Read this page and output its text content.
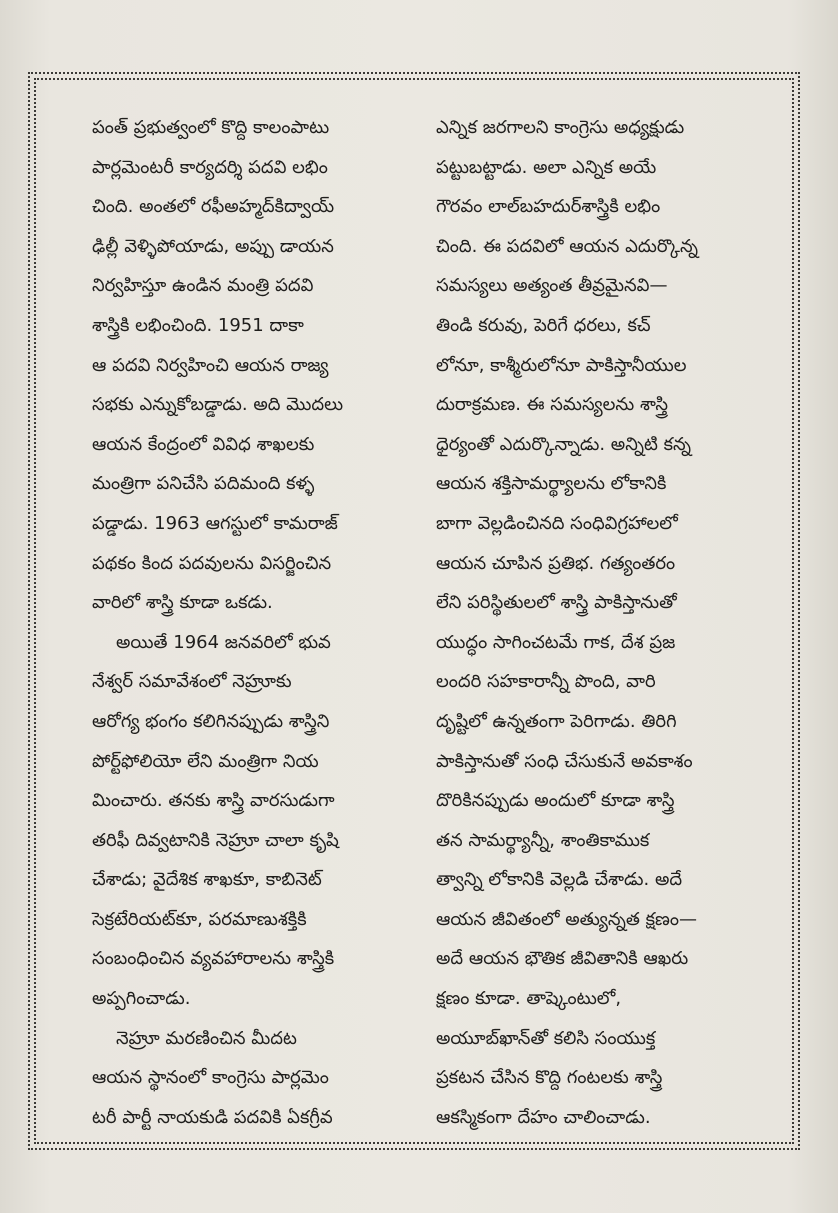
పంత్ ప్రభుత్వంలో కొద్ది కాలంపాటు
పార్లమెంటరీ కార్యదర్శి పదవి లభిం
చింది. అంతలో రఫీఅహ్మద్‌కిద్వాయ్
ఢిల్లీ వెళ్ళిపోయాడు, అప్పు డాయన
నిర్వహిస్తూ ఉండిన మంత్రి పదవి
శాస్త్రికి లభించింది. 1951 దాకా
ఆ పదవి నిర్వహించి ఆయన రాజ్య
సభకు ఎన్నుకోబడ్డాడు. అది మొదలు
ఆయన కేంద్రంలో వివిధ శాఖలకు
మంత్రిగా పనిచేసి పదిమంది కళ్ళ
పడ్డాడు. 1963 ఆగస్టులో కామరాజ్
పథకం కింద పదవులను విసర్జించిన
వారిలో శాస్త్రి కూడా ఒకడు.
అయితే 1964 జనవరిలో భువ
నేశ్వర్ సమావేశంలో నెహ్రూకు
ఆరోగ్య భంగం కలిగినప్పుడు శాస్త్రిని
పోర్ట్‌ఫోలియో లేని మంత్రిగా నియ
మించారు. తనకు శాస్త్రి వారసుడుగా
తరిఫీ దివ్వటానికి నెహ్రూ చాలా కృషి
చేశాడు; వైదేశిక శాఖకూ, కాబినెట్
సెక్రటేరియట్‌కూ, పరమాణుశక్తికి
సంబంధించిన వ్యవహారాలను శాస్త్రికి
అప్పగించాడు.
నెహ్రూ మరణించిన మీదట
ఆయన స్థానంలో కాంగ్రెసు పార్లమెం
టరీ పార్టీ నాయకుడి పదవికి ఏకగ్రీవ
ఎన్నిక జరగాలని కాంగ్రెసు అధ్యక్షుడు
పట్టుబట్టాడు. అలా ఎన్నిక అయే
గౌరవం లాల్‌బహదుర్‌శాస్త్రికి లభిం
చింది. ఈ పదవిలో ఆయన ఎదుర్కొన్న
సమస్యలు అత్యంత తీవ్రమైనవి—
తిండి కరువు, పెరిగే ధరలు, కచ్
లోనూ, కాశ్మీరులోనూ పాకిస్తానీయుల
దురాక్రమణ. ఈ సమస్యలను శాస్త్రి
ధైర్యంతో ఎదుర్కొన్నాడు. అన్నిటి కన్న
ఆయన శక్తిసామర్థ్యాలను లోకానికి
బాగా వెల్లడించినది సంధివిగ్రహాలలో
ఆయన చూపిన ప్రతిభ. గత్యంతరం
లేని పరిస్థితులలో శాస్త్రి పాకిస్తానుతో
యుద్ధం సాగించటమే గాక, దేశ ప్రజ
లందరి సహకారాన్నీ పొంది, వారి
దృష్టిలో ఉన్నతంగా పెరిగాడు. తిరిగి
పాకిస్తానుతో సంధి చేసుకునే అవకాశం
దొరికినప్పుడు అందులో కూడా శాస్త్రి
తన సామర్థ్యాన్నీ, శాంతికాముక
త్వాన్ని లోకానికి వెల్లడి చేశాడు. అదే
ఆయన జీవితంలో అత్యున్నత క్షణం—
అదే ఆయన భౌతిక జీవితానికి ఆఖరు
క్షణం కూడా. తాష్కెంటులో,
అయూబ్‌ఖాన్‌తో కలిసి సంయుక్త
ప్రకటన చేసిన కొద్ది గంటలకు శాస్త్రి
ఆకస్మికంగా దేహం చాలించాడు.
